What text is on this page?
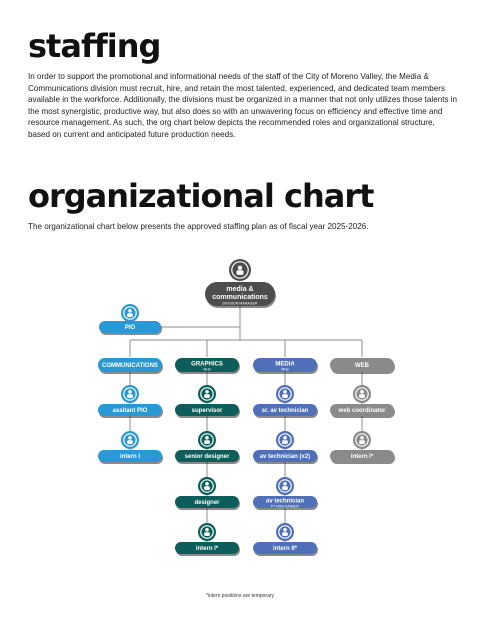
staffing

In order to support the promotional and informational needs of the staff of the City of Moreno Valley, the Media & Communications division must recruit, hire, and retain the most talented, experienced, and dedicated team members available in the workforce. Additionally, the divisions must be organized in a manner that not only utilizes those talents in the most synergistic, productive way, but also does so with an unwavering focus on efficiency and effective time and resource management. As such, the org chart below depicts the recommended roles and organizational structure, based on current and anticipated future production needs.

organizational chart

The organizational chart below presents the approved staffing plan as of fiscal year 2025-2026.

media &
communications
DIVISION MANAGER
PIO
COMMUNICATIONS
assitant PIO
intern I
GRAPHICS
MH3
supervisor
senior designer
designer
intern I*
MEDIA
MH3
sr. av technician
av technician (x2)
av technician
PT NON-CAREER
intern II*
WEB
web coordinator
intern I*
*intern positions are temporary
